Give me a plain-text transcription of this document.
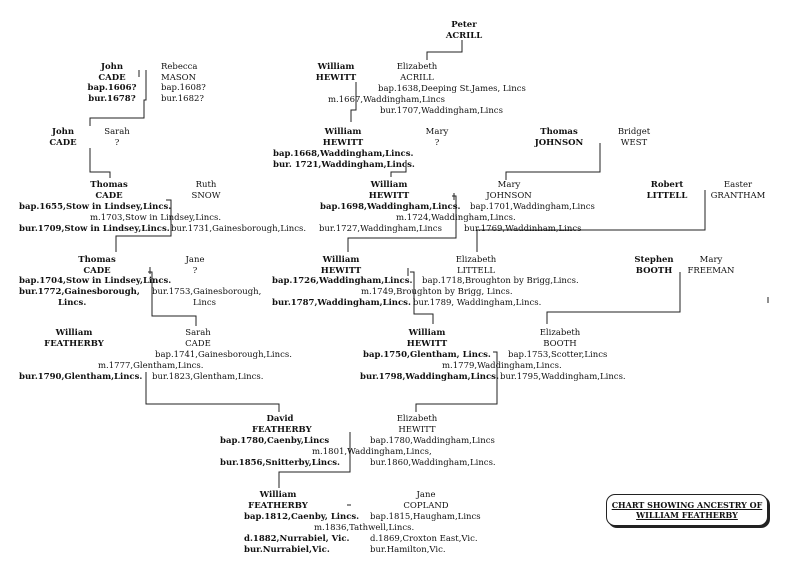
Peter
ACRILL
John
CADE
bap.1606?
bur.1678?
Rebecca
MASON
bap.1608?
bur.1682?
William
HEWITT
Elizabeth
ACRILL
bap.1638,Deeping St.James, Lincs
m.1667,Waddingham,Lincs
bur.1707,Waddingham,Lincs
John
CADE
Sarah
?
William
HEWITT
bap.1668,Waddingham,Lincs.
bur. 1721,Waddingham,Lincs.
Mary
?
Thomas
JOHNSON
Bridget
WEST
Thomas
CADE
bap.1655,Stow in Lindsey,Lincs.
bur.1709,Stow in Lindsey,Lincs.
Ruth
SNOW
m.1703,Stow in Lindsey,Lincs.
bur.1731,Gainesborough,Lincs.
William
HEWITT
bap.1698,Waddingham,Lincs.
Mary
JOHNSON
bap.1701,Waddingham,Lincs
m.1724,Waddingham,Lincs.
bur.1727,Waddingham,Lincs	bur.1769,Waddinham,Lincs
Robert
LITTELL
Easter
GRANTHAM
Thomas
CADE
bap.1704,Stow in Lindsey,Lincs.
bur.1772,Gainesborough,
Lincs.
Jane
?
bur.1753,Gainesborough,
Lincs
William
HEWITT
bap.1726,Waddingham,Lincs.
bur.1787,Waddingham,Lincs.
Elizabeth
LITTELL
bap.1718,Broughton by Brigg,Lincs.
m.1749,Broughton by Brigg, Lincs.
bur.1789, Waddingham,Lincs.
Stephen
BOOTH
Mary
FREEMAN
William
FEATHERBY
bur.1790,Glentham,Lincs.
Sarah
CADE
bap.1741,Gainesborough,Lincs.
m.1777,Glentham,Lincs.
bur.1823,Glentham,Lincs.
William
HEWITT
bap.1750,Glentham, Lincs.
bur.1798,Waddingham,Lincs.
Elizabeth
BOOTH
bap.1753,Scotter,Lincs
m.1779,Waddingham,Lincs.
bur.1795,Waddingham,Lincs.
David
FEATHERBY
bap.1780,Caenby,Lincs
bur.1856,Snitterby,Lincs.
Elizabeth
HEWITT
bap.1780,Waddingham,Lincs
m.1801,Waddingham,Lincs,
bur.1860,Waddingham,Lincs.
William
FEATHERBY
bap.1812,Caenby, Lincs.
d.1882,Nurrabiel, Vic.
bur.Nurrabiel,Vic.
Jane
COPLAND
bap.1815,Haugham,Lincs
m.1836,Tathwell,Lincs.
d.1869,Croxton East,Vic.
bur.Hamilton,Vic.
CHART SHOWING ANCESTRY OF
WILLIAM FEATHERBY
